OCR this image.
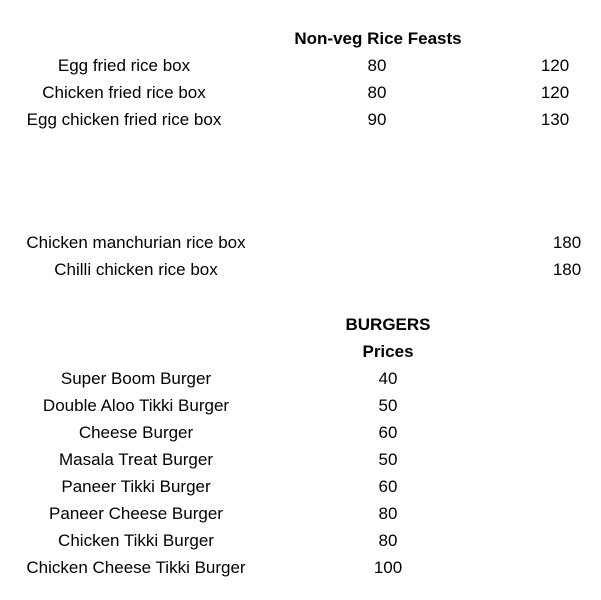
Non-veg Rice Feasts
Egg fried rice box	80	120
Chicken fried rice box	80	120
Egg chicken fried rice box	90	130
Chicken manchurian rice box	180
Chilli chicken rice box	180
BURGERS
Prices
Super Boom Burger	40
Double Aloo Tikki Burger	50
Cheese Burger	60
Masala Treat Burger	50
Paneer Tikki Burger	60
Paneer Cheese Burger	80
Chicken Tikki Burger	80
Chicken Cheese Tikki Burger	100
